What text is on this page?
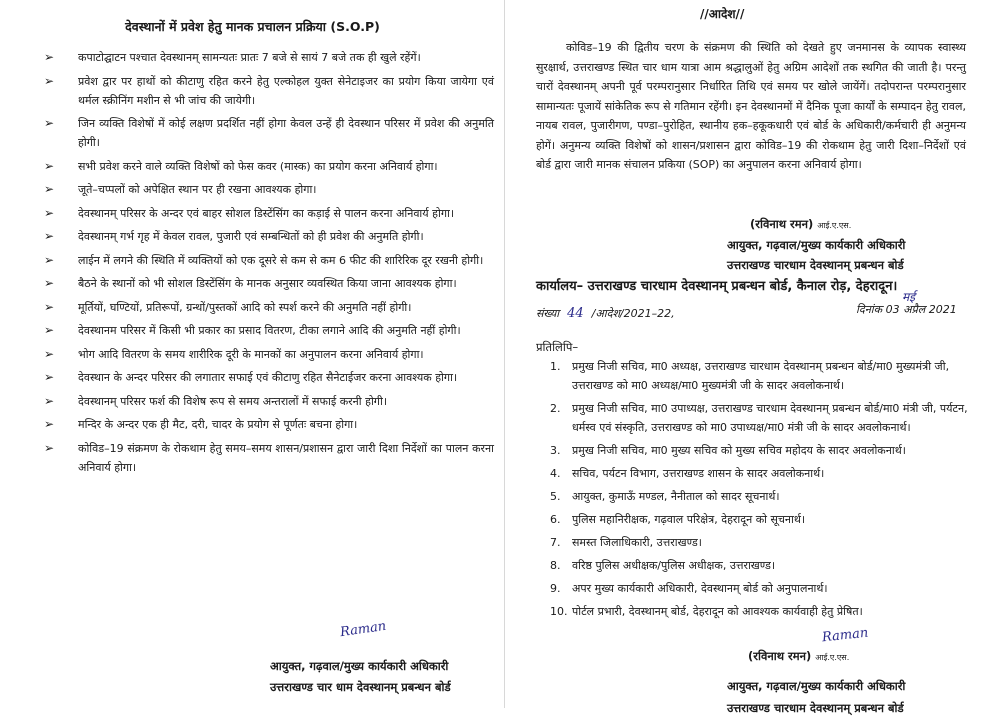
देवस्थानों में प्रवेश हेतु मानक प्रचालन प्रक्रिया (S.O.P)
➢ कपाटोद्घाटन पश्चात देवस्थानम् सामन्यतः प्रातः 7 बजे से सायं 7 बजे तक ही खुले रहेंगें।
➢ प्रवेश द्वार पर हाथों को कीटाणु रहित करने हेतु एल्कोहल युक्त सेनेटाइजर का प्रयोग किया जायेगा एवं थर्मल स्क्रीनिंग मशीन से भी जांच की जायेगी।
➢ जिन व्यक्ति विशेषों में कोई लक्षण प्रदर्शित नहीं होगा केवल उन्हें ही देवस्थान परिसर में प्रवेश की अनुमति होगी।
➢ सभी प्रवेश करने वाले व्यक्ति विशेषों को फेस कवर (मास्क) का प्रयोग करना अनिवार्य होगा।
➢ जूते–चप्पलों को अपेक्षित स्थान पर ही रखना आवश्यक होगा।
➢ देवस्थानम् परिसर के अन्दर एवं बाहर सोशल डिस्टेंसिंग का कड़ाई से पालन करना अनिवार्य होगा।
➢ देवस्थानम् गर्भ गृह में केवल रावल, पुजारी एवं सम्बन्धितों को ही प्रवेश की अनुमति होगी।
➢ लाईन में लगने की स्थिति में व्यक्तियों को एक दूसरे से कम से कम 6 फीट की शारिरिक दूर रखनी होगी।
➢ बैठने के स्थानों को भी सोशल डिस्टेंसिंग के मानक अनुसार व्यवस्थित किया जाना आवश्यक होगा।
➢ मूर्तियों, घण्टियों, प्रतिरूपों, ग्रन्थों/पुस्तकों आदि को स्पर्श करने की अनुमति नहीं होगी।
➢ देवस्थानम परिसर में किसी भी प्रकार का प्रसाद वितरण, टीका लगाने आदि की अनुमति नहीं होगी।
➢ भोग आदि वितरण के समय शारीरिक दूरी के मानकों का अनुपालन करना अनिवार्य होगा।
➢ देवस्थान के अन्दर परिसर की लगातार सफाई एवं कीटाणु रहित सैनेटाईजर करना आवश्यक होगा।
➢ देवस्थानम् परिसर फर्श की विशेष रूप से समय अन्तरालों में सफाई करनी होगी।
➢ मन्दिर के अन्दर एक ही मैट, दरी, चादर के प्रयोग से पूर्णतः बचना होगा।
➢ कोविड–19 संक्रमण के रोकथाम हेतु समय–समय शासन/प्रशासन द्वारा जारी दिशा निर्देशों का पालन करना अनिवार्य होगा।
Raman
आयुक्त, गढ़वाल/मुख्य कार्यकारी अधिकारी
उत्तराखण्ड चार धाम देवस्थानम् प्रबन्धन बोर्ड
//आदेश//

कोविड–19 की द्वितीय चरण के संक्रमण की स्थिति को देखते हुए जनमानस के व्यापक स्वास्थ्य सुरक्षार्थ, उत्तराखण्ड स्थित चार धाम यात्रा आम श्रद्धालुओं हेतु अग्रिम आदेशों तक स्थगित की जाती है। परन्तु चारों देवस्थानम् अपनी पूर्व परम्परानुसार निर्धारित तिथि एवं समय पर खोले जायेंगें। तदोपरान्त परम्परानुसार सामान्यतः पूजायें सांकेतिक रूप से गतिमान रहेंगी। इन देवस्थानमों में दैनिक पूजा कार्यों के सम्पादन हेतु रावल, नायब रावल, पुजारीगण, पण्डा–पुरोहित, स्थानीय हक–हकूकधारी एवं बोर्ड के अधिकारी/कर्मचारी ही अनुमन्य होगें। अनुमन्य व्यक्ति विशेषों को शासन/प्रशासन द्वारा कोविड–19 की रोकथाम हेतु जारी दिशा–निर्देशों एवं बोर्ड द्वारा जारी मानक संचालन प्रकिया (SOP) का अनुपालन करना अनिवार्य होगा।

(रविनाथ रमन) आई.ए.एस.
आयुक्त, गढ़वाल/मुख्य कार्यकारी अधिकारी
उत्तराखण्ड चारधाम देवस्थानम् प्रबन्धन बोर्ड
कार्यालय– उत्तराखण्ड चारधाम देवस्थानम् प्रबन्धन बोर्ड, कैनाल रोड़, देहरादून।
संख्या 44 /आदेश/2021–22,
मई
दिनांक 03 अप्रैल 2021
प्रतिलिपि–
1. प्रमुख निजी सचिव, मा0 अध्यक्ष, उत्तराखण्ड चारधाम देवस्थानम् प्रबन्धन बोर्ड/मा0 मुख्यमंत्री जी, उत्तराखण्ड को मा0 अध्यक्ष/मा0 मुख्यमंत्री जी के सादर अवलोकनार्थ।
2. प्रमुख निजी सचिव, मा0 उपाध्यक्ष, उत्तराखण्ड चारधाम देवस्थानम् प्रबन्धन बोर्ड/मा0 मंत्री जी, पर्यटन, धर्मस्व एवं संस्कृति, उत्तराखण्ड को मा0 उपाध्यक्ष/मा0 मंत्री जी के सादर अवलोकनार्थ।
3. प्रमुख निजी सचिव, मा0 मुख्य सचिव को मुख्य सचिव महोदय के सादर अवलोकनार्थ।
4. सचिव, पर्यटन विभाग, उत्तराखण्ड शासन के सादर अवलोकनार्थ।
5. आयुक्त, कुमाऊँ मण्डल, नैनीताल को सादर सूचनार्थ।
6. पुलिस महानिरीक्षक, गढ़वाल परिक्षेत्र, देहरादून को सूचनार्थ।
7. समस्त जिलाधिकारी, उत्तराखण्ड।
8. वरिष्ठ पुलिस अधीक्षक/पुलिस अधीक्षक, उत्तराखण्ड।
9. अपर मुख्य कार्यकारी अधिकारी, देवस्थानम् बोर्ड को अनुपालनार्थ।
10. पोर्टल प्रभारी, देवस्थानम् बोर्ड, देहरादून को आवश्यक कार्यवाही हेतु प्रेषित।
Raman
(रविनाथ रमन) आई.ए.एस.
आयुक्त, गढ़वाल/मुख्य कार्यकारी अधिकारी
उत्तराखण्ड चारधाम देवस्थानम् प्रबन्धन बोर्ड
